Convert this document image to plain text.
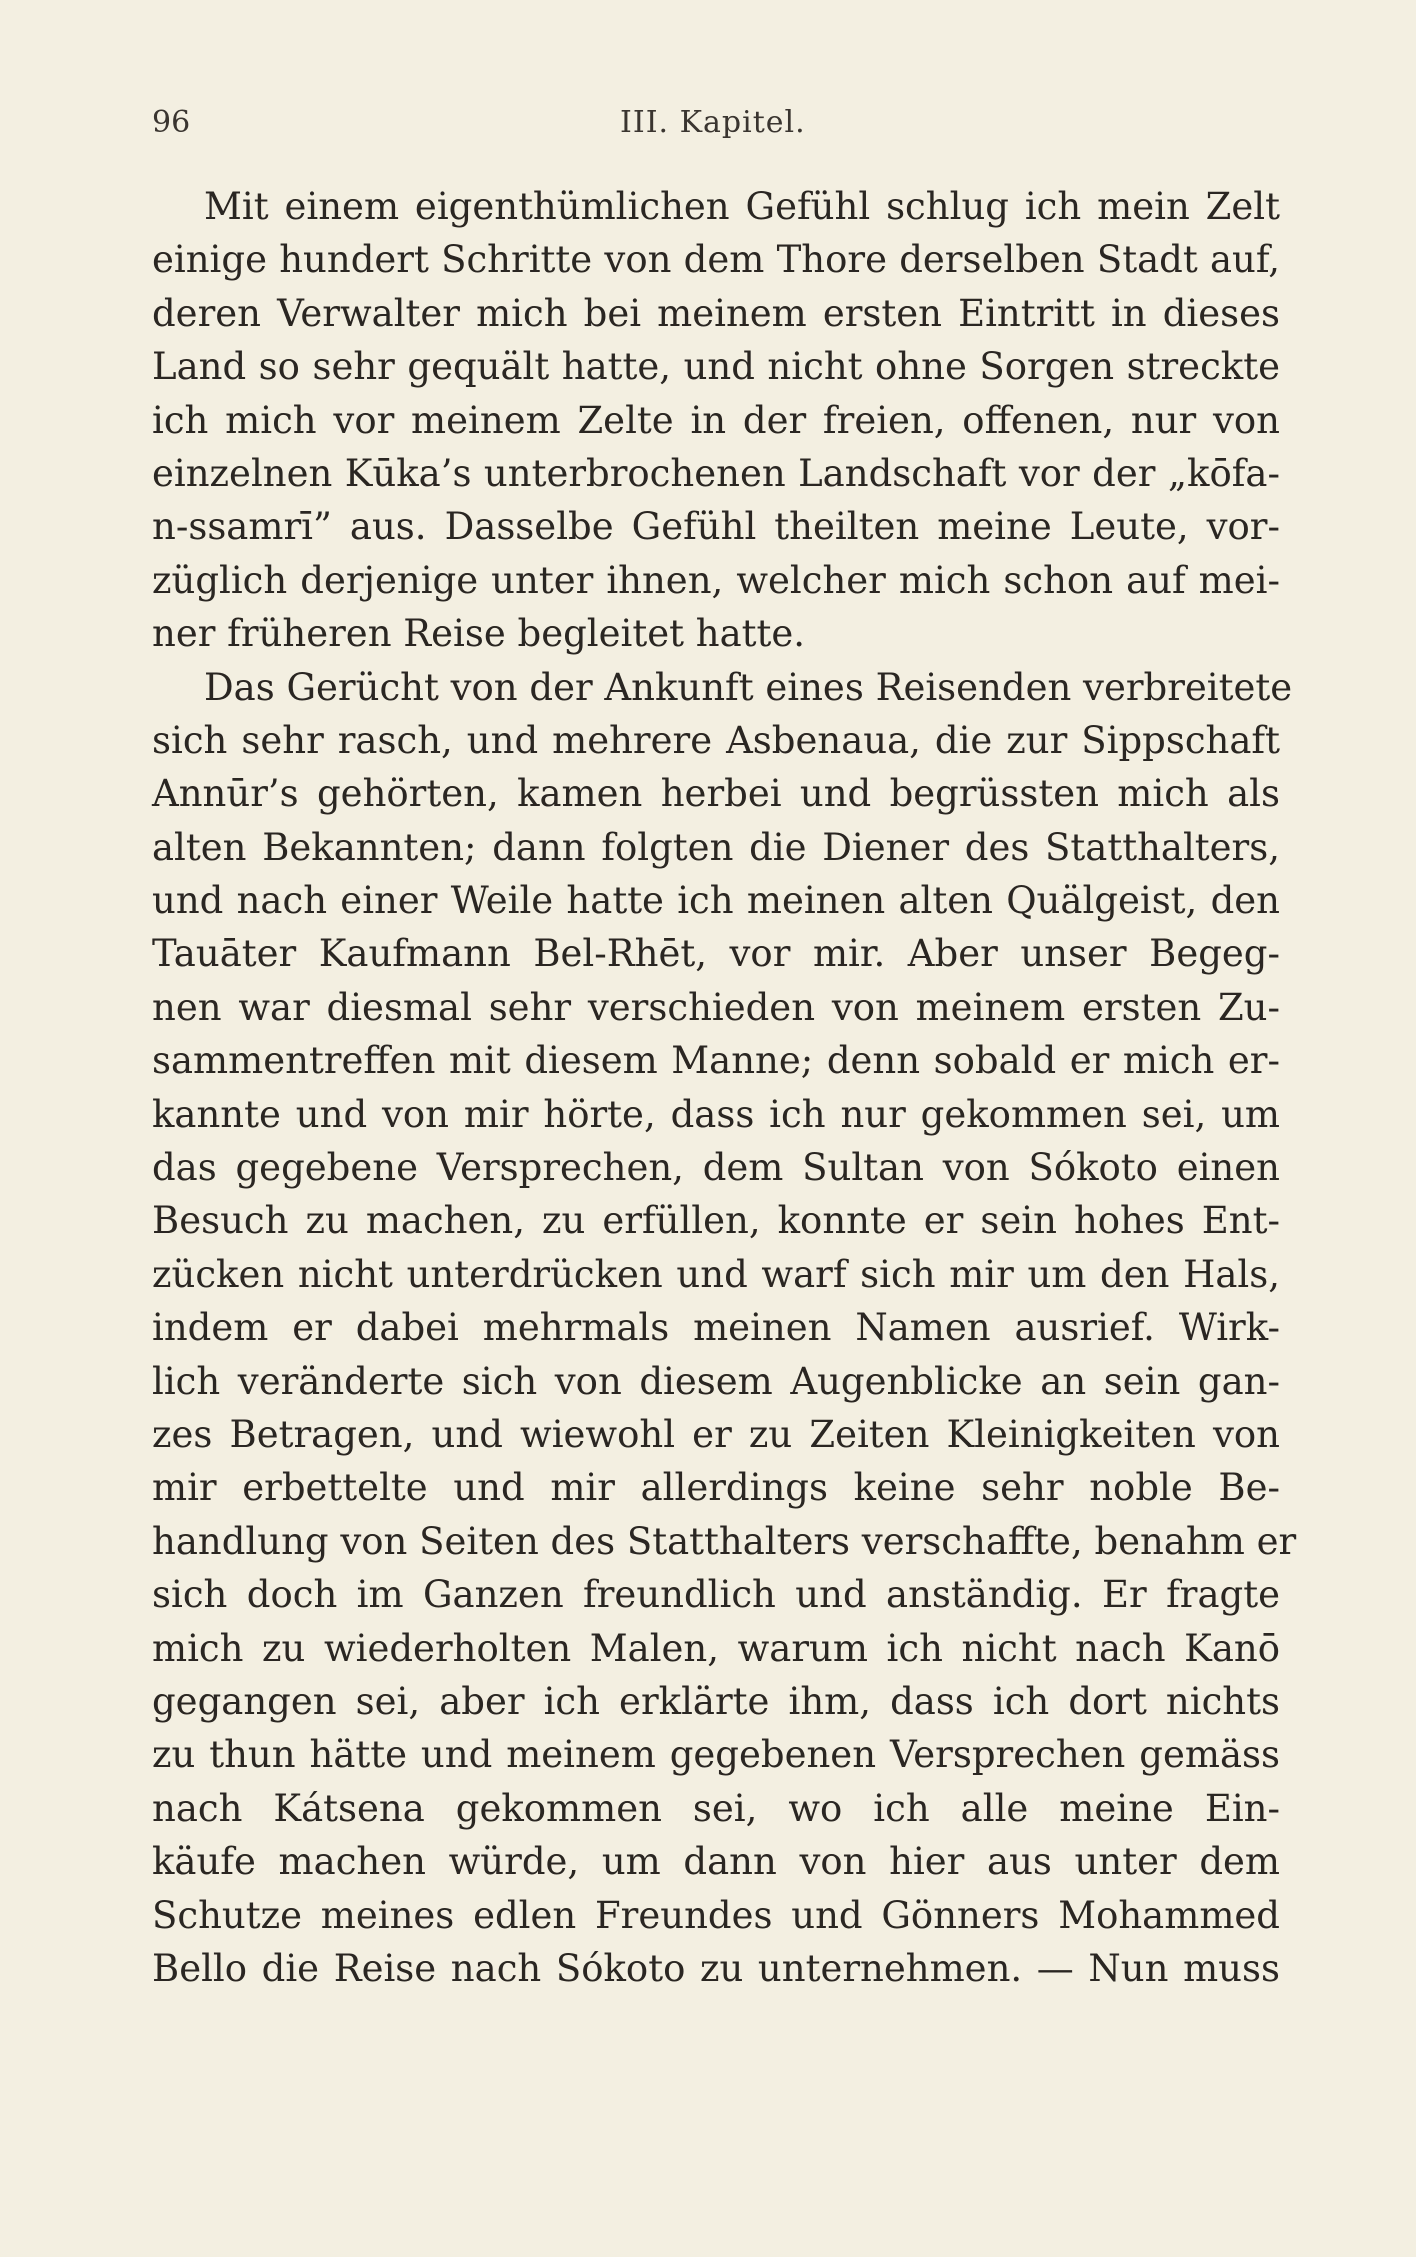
96	III. Kapitel.
Mit einem eigenthümlichen Gefühl schlug ich mein Zelt
einige hundert Schritte von dem Thore derselben Stadt auf,
deren Verwalter mich bei meinem ersten Eintritt in dieses
Land so sehr gequält hatte, und nicht ohne Sorgen streckte
ich mich vor meinem Zelte in der freien, offenen, nur von
einzelnen Kūka’s unterbrochenen Landschaft vor der „kōfa-
n-ssamrī” aus. Dasselbe Gefühl theilten meine Leute, vor-
züglich derjenige unter ihnen, welcher mich schon auf mei-
ner früheren Reise begleitet hatte.
Das Gerücht von der Ankunft eines Reisenden verbreitete
sich sehr rasch, und mehrere Asbenaua, die zur Sippschaft
Annūr’s gehörten, kamen herbei und begrüssten mich als
alten Bekannten; dann folgten die Diener des Statthalters,
und nach einer Weile hatte ich meinen alten Quälgeist, den
Tauāter Kaufmann Bel-Rhēt, vor mir. Aber unser Begeg-
nen war diesmal sehr verschieden von meinem ersten Zu-
sammentreffen mit diesem Manne; denn sobald er mich er-
kannte und von mir hörte, dass ich nur gekommen sei, um
das gegebene Versprechen, dem Sultan von Sókoto einen
Besuch zu machen, zu erfüllen, konnte er sein hohes Ent-
zücken nicht unterdrücken und warf sich mir um den Hals,
indem er dabei mehrmals meinen Namen ausrief. Wirk-
lich veränderte sich von diesem Augenblicke an sein gan-
zes Betragen, und wiewohl er zu Zeiten Kleinigkeiten von
mir erbettelte und mir allerdings keine sehr noble Be-
handlung von Seiten des Statthalters verschaffte, benahm er
sich doch im Ganzen freundlich und anständig. Er fragte
mich zu wiederholten Malen, warum ich nicht nach Kanō
gegangen sei, aber ich erklärte ihm, dass ich dort nichts
zu thun hätte und meinem gegebenen Versprechen gemäss
nach Kátsena gekommen sei, wo ich alle meine Ein-
käufe machen würde, um dann von hier aus unter dem
Schutze meines edlen Freundes und Gönners Mohammed
Bello die Reise nach Sókoto zu unternehmen. — Nun muss
